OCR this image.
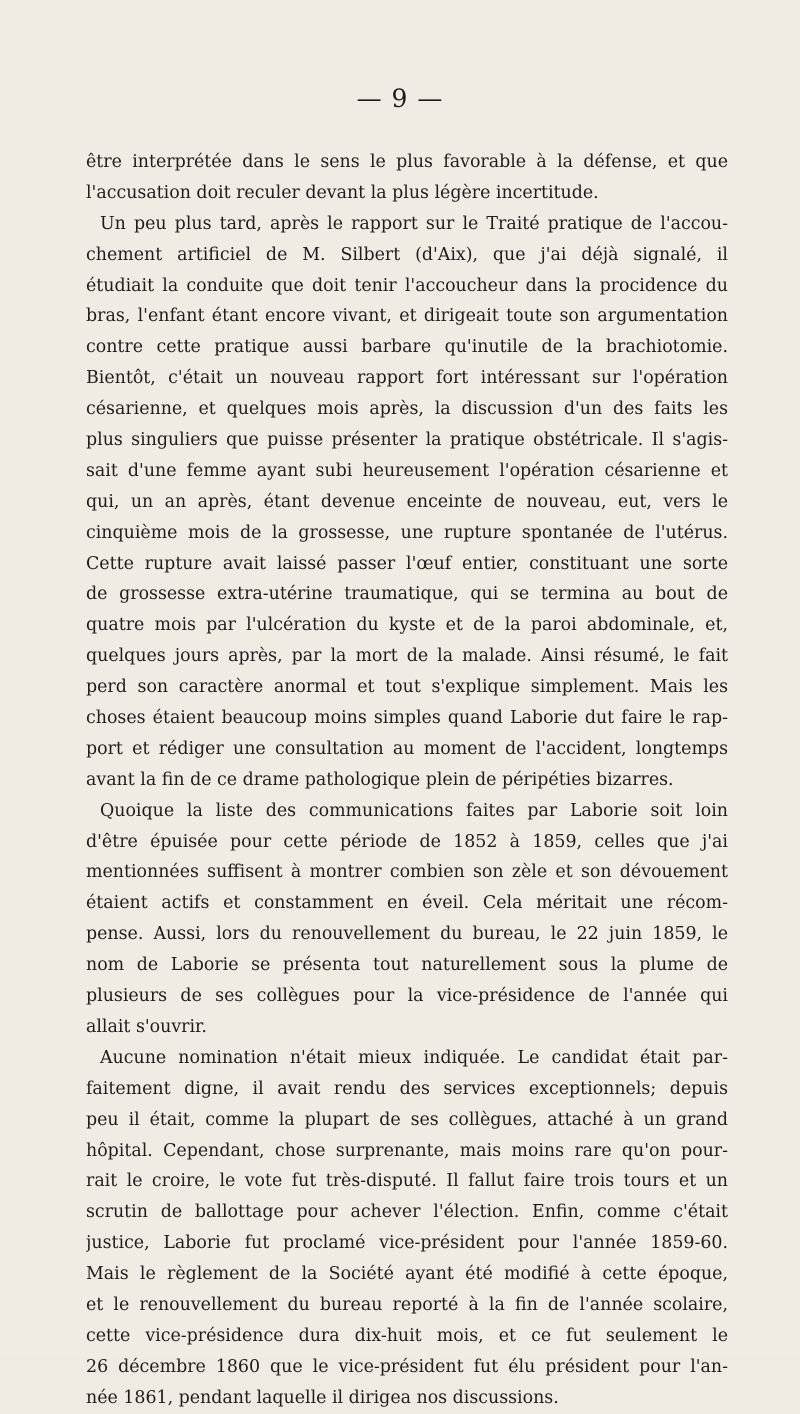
— 9 —
être interprétée dans le sens le plus favorable à la défense, et que
l'accusation doit reculer devant la plus légère incertitude.
Un peu plus tard, après le rapport sur le Traité pratique de l'accou-
chement artificiel de M. Silbert (d'Aix), que j'ai déjà signalé, il
étudiait la conduite que doit tenir l'accoucheur dans la procidence du
bras, l'enfant étant encore vivant, et dirigeait toute son argumentation
contre cette pratique aussi barbare qu'inutile de la brachiotomie.
Bientôt, c'était un nouveau rapport fort intéressant sur l'opération
césarienne, et quelques mois après, la discussion d'un des faits les
plus singuliers que puisse présenter la pratique obstétricale. Il s'agis-
sait d'une femme ayant subi heureusement l'opération césarienne et
qui, un an après, étant devenue enceinte de nouveau, eut, vers le
cinquième mois de la grossesse, une rupture spontanée de l'utérus.
Cette rupture avait laissé passer l'œuf entier, constituant une sorte
de grossesse extra-utérine traumatique, qui se termina au bout de
quatre mois par l'ulcération du kyste et de la paroi abdominale, et,
quelques jours après, par la mort de la malade. Ainsi résumé, le fait
perd son caractère anormal et tout s'explique simplement. Mais les
choses étaient beaucoup moins simples quand Laborie dut faire le rap-
port et rédiger une consultation au moment de l'accident, longtemps
avant la fin de ce drame pathologique plein de péripéties bizarres.
Quoique la liste des communications faites par Laborie soit loin
d'être épuisée pour cette période de 1852 à 1859, celles que j'ai
mentionnées suffisent à montrer combien son zèle et son dévouement
étaient actifs et constamment en éveil. Cela méritait une récom-
pense. Aussi, lors du renouvellement du bureau, le 22 juin 1859, le
nom de Laborie se présenta tout naturellement sous la plume de
plusieurs de ses collègues pour la vice-présidence de l'année qui
allait s'ouvrir.
Aucune nomination n'était mieux indiquée. Le candidat était par-
faitement digne, il avait rendu des services exceptionnels; depuis
peu il était, comme la plupart de ses collègues, attaché à un grand
hôpital. Cependant, chose surprenante, mais moins rare qu'on pour-
rait le croire, le vote fut très-disputé. Il fallut faire trois tours et un
scrutin de ballottage pour achever l'élection. Enfin, comme c'était
justice, Laborie fut proclamé vice-président pour l'année 1859-60.
Mais le règlement de la Société ayant été modifié à cette époque,
et le renouvellement du bureau reporté à la fin de l'année scolaire,
cette vice-présidence dura dix-huit mois, et ce fut seulement le
26 décembre 1860 que le vice-président fut élu président pour l'an-
née 1861, pendant laquelle il dirigea nos discussions.
